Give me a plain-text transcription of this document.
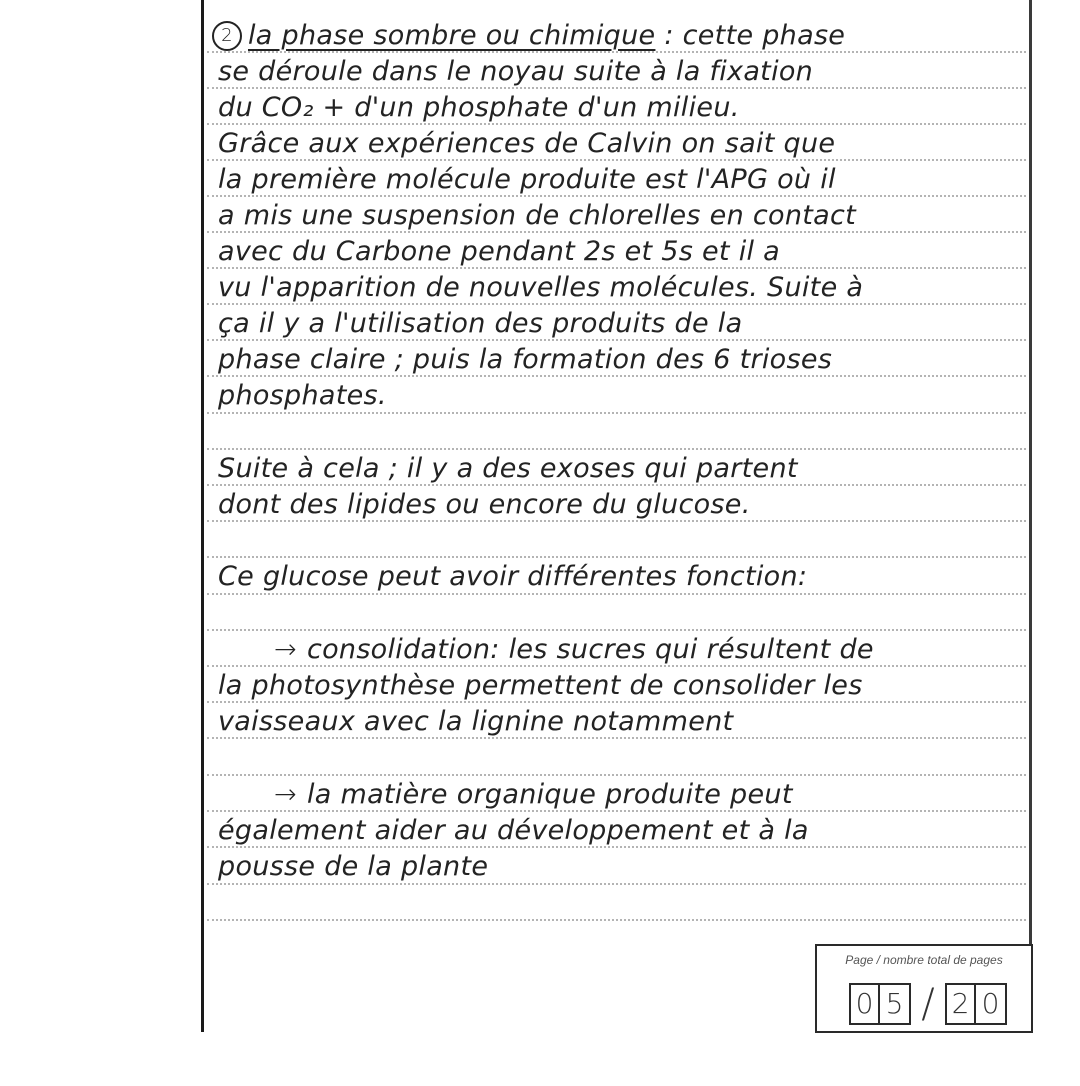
2 la phase sombre ou chimique : cette phase
se déroule dans le noyau suite à la fixation
du CO₂ + d'un phosphate d'un milieu.
Grâce aux expériences de Calvin on sait que
la première molécule produite est l'APG où il
a mis une suspension de chlorelles en contact
avec du Carbone pendant 2s et 5s et il a
vu l'apparition de nouvelles molécules. Suite à
ça il y a l'utilisation des produits de la
phase claire ; puis la formation des 6 trioses
phosphates.
Suite à cela ; il y a des exoses qui partent
dont des lipides ou encore du glucose.
Ce glucose peut avoir différentes fonction:
→ consolidation: les sucres qui résultent de
la photosynthèse permettent de consolider les
vaisseaux avec la lignine notamment
→ la matière organique produite peut
également aider au développement et à la
pousse de la plante
Page / nombre total de pages
0 5 / 2 0
